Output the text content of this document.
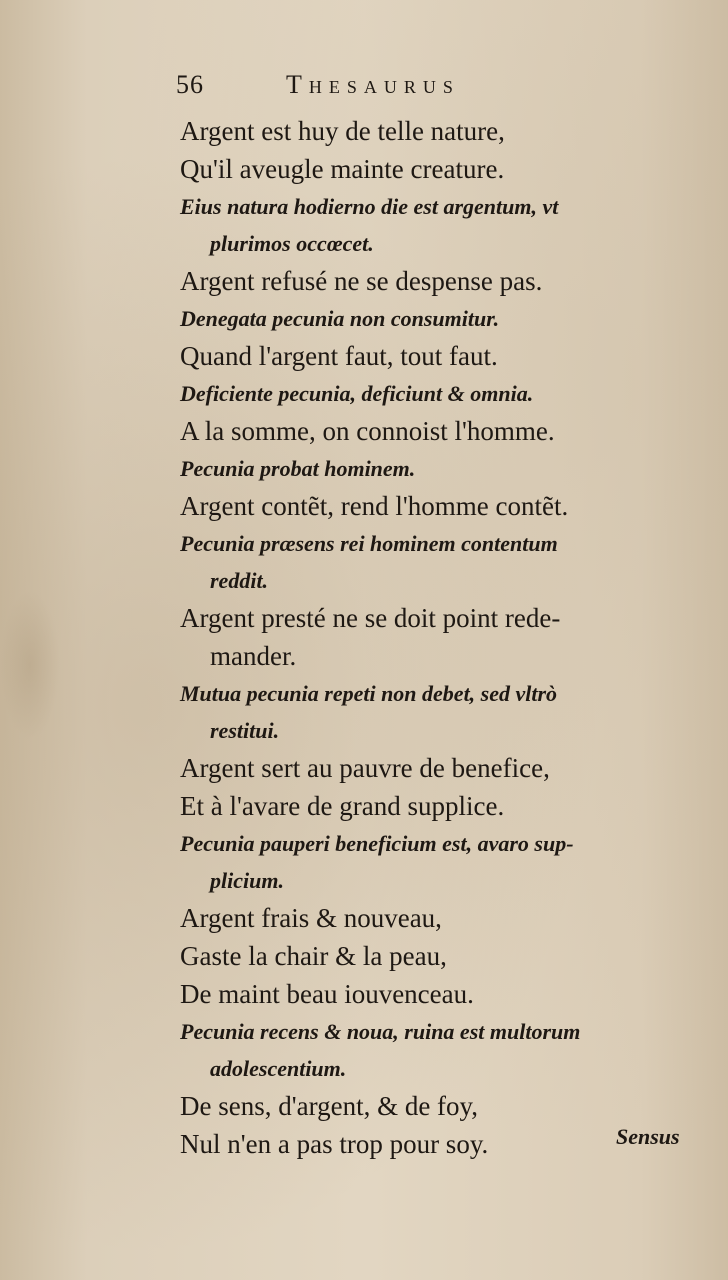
56	Thesaurus
Argent est huy de telle nature,
Qu'il aveugle mainte creature.
Eius natura hodierno die est argentum, vt
plurimos occœcet.
Argent refusé ne se despense pas.
Denegata pecunia non consumitur.
Quand l'argent faut, tout faut.
Deficiente pecunia, deficiunt & omnia.
A la somme, on connoist l'homme.
Pecunia probat hominem.
Argent contẽt, rend l'homme contẽt.
Pecunia præsens rei hominem contentum
reddit.
Argent presté ne se doit point rede-
mander.
Mutua pecunia repeti non debet, sed vltrò
restitui.
Argent sert au pauvre de benefice,
Et à l'avare de grand supplice.
Pecunia pauperi beneficium est, avaro sup-
plicium.
Argent frais & nouveau,
Gaste la chair & la peau,
De maint beau iouvenceau.
Pecunia recens & noua, ruina est multorum
adolescentium.
De sens, d'argent, & de foy,
Nul n'en a pas trop pour soy.	Sensus
